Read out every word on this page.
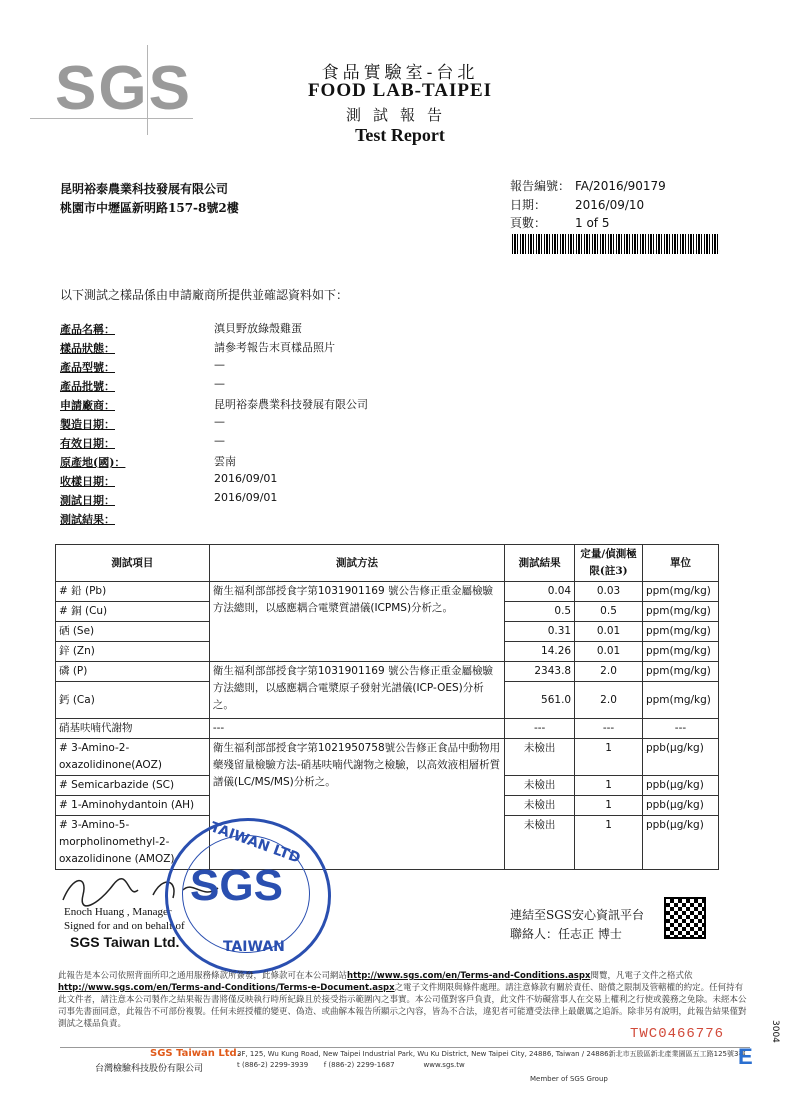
SGS	食品實驗室-台北
FOOD LAB-TAIPEI
測試報告
Test Report
昆明裕泰農業科技發展有限公司
桃園市中壢區新明路157-8號2樓
報告編號： FA/2016/90179
日期： 2016/09/10
頁數： 1 of 5
以下測試之樣品係由申請廠商所提供並確認資料如下：
產品名稱：	滇貝野放綠殼雞蛋
樣品狀態：	請參考報告末頁樣品照片
產品型號：	—
產品批號：	—
申請廠商：	昆明裕泰農業科技發展有限公司
製造日期：	—
有效日期：	—
原產地(國)：	雲南
收樣日期：	2016/09/01
測試日期：	2016/09/01
測試結果：
測試項目	測試方法	測試結果	定量/偵測極限(註3)	單位
# 鉛 (Pb)	衛生福利部部授食字第1031901169 號公告修正重金屬檢驗方法總則，以感應耦合電漿質譜儀(ICPMS)分析之。	0.04	0.03	ppm(mg/kg)
# 銅 (Cu)		0.5	0.5	ppm(mg/kg)
硒 (Se)		0.31	0.01	ppm(mg/kg)
鋅 (Zn)		14.26	0.01	ppm(mg/kg)
磷 (P)	衛生福利部部授食字第1031901169 號公告修正重金屬檢驗方法總則，以感應耦合電漿原子發射光譜儀(ICP-OES)分析之。	2343.8	2.0	ppm(mg/kg)
鈣 (Ca)		561.0	2.0	ppm(mg/kg)
硝基呋喃代謝物	---	---	---	---
# 3-Amino-2-oxazolidinone(AOZ)	衛生福利部部授食字第1021950758號公告修正食品中動物用藥殘留量檢驗方法-硝基呋喃代謝物之檢驗，以高效液相層析質譜儀(LC/MS/MS)分析之。	未檢出	1	ppb(μg/kg)
# Semicarbazide (SC)		未檢出	1	ppb(μg/kg)
# 1-Aminohydantoin (AH)		未檢出	1	ppb(μg/kg)
# 3-Amino-5-morpholinomethyl-2-oxazolidinone (AMOZ)		未檢出	1	ppb(μg/kg)
Enoch Huang , Manager
Signed for and on behalf of
SGS Taiwan Ltd.
TAIWAN LTD
SGS
TAIWAN
連結至SGS安心資訊平台
聯絡人：任志正 博士
此報告是本公司依照背面所印之通用服務條款所簽發，此條款可在本公司網站http://www.sgs.com/en/Terms-and-Conditions.aspx閱覽，凡電子文件之格式依http://www.sgs.com/en/Terms-and-Conditions/Terms-e-Document.aspx之電子文件期限與條件處理。請注意條款有關於責任、賠償之限制及管轄權的約定。任何持有此文件者，請注意本公司製作之結果報告書將僅反映執行時所紀錄且於接受指示範圍內之事實。本公司僅對客戶負責，此文件不妨礙當事人在交易上權利之行使或義務之免除。未經本公司事先書面同意，此報告不可部份複製。任何未經授權的變更、偽造、或曲解本報告所顯示之內容，皆為不合法，違犯者可能遭受法律上最嚴厲之追訴。除非另有說明，此報告結果僅對測試之樣品負責。
TWC0466776	3004
SGS Taiwan Ltd.
台灣檢驗科技股份有限公司
3F, 125, Wu Kung Road, New Taipei Industrial Park, Wu Ku District, New Taipei City, 24886, Taiwan / 24886新北市五股區新北產業園區五工路125號3樓
t (886-2) 2299-3939 f (886-2) 2299-1687	www.sgs.tw	E
Member of SGS Group
